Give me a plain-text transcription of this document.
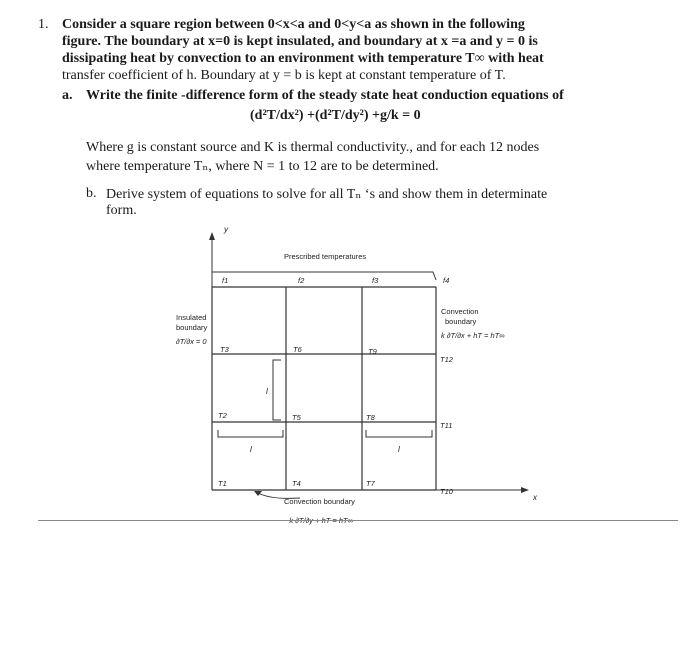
1. Consider a square region between 0<x<a and 0<y<a as shown in the following
figure. The boundary at x=0 is kept insulated, and boundary at x =a and y = 0 is
dissipating heat by convection to an environment with temperature T∞ with heat
transfer coefficient of h. Boundary at y = b is kept at constant temperature of T.
a. Write the finite -difference form of the steady state heat conduction equations of
(d²T/dx²) +(d²T/dy²) +g/k = 0
Where g is constant source and K is thermal conductivity., and for each 12 nodes
where temperature Tₙ, where N = 1 to 12 are to be determined.
b. Derive system of equations to solve for all Tₙ ‘s and show them in determinate
form.
y
x
Prescribed temperatures
l
l	l
f1	f2	f3	f4
T3	T6	T9
T12
T2	T5	T8
T11
T1	T4	T7
T10
Insulated
boundary
∂T/∂x = 0
Convection
boundary
k ∂T/∂x + hT = hT∞
Convection boundary
